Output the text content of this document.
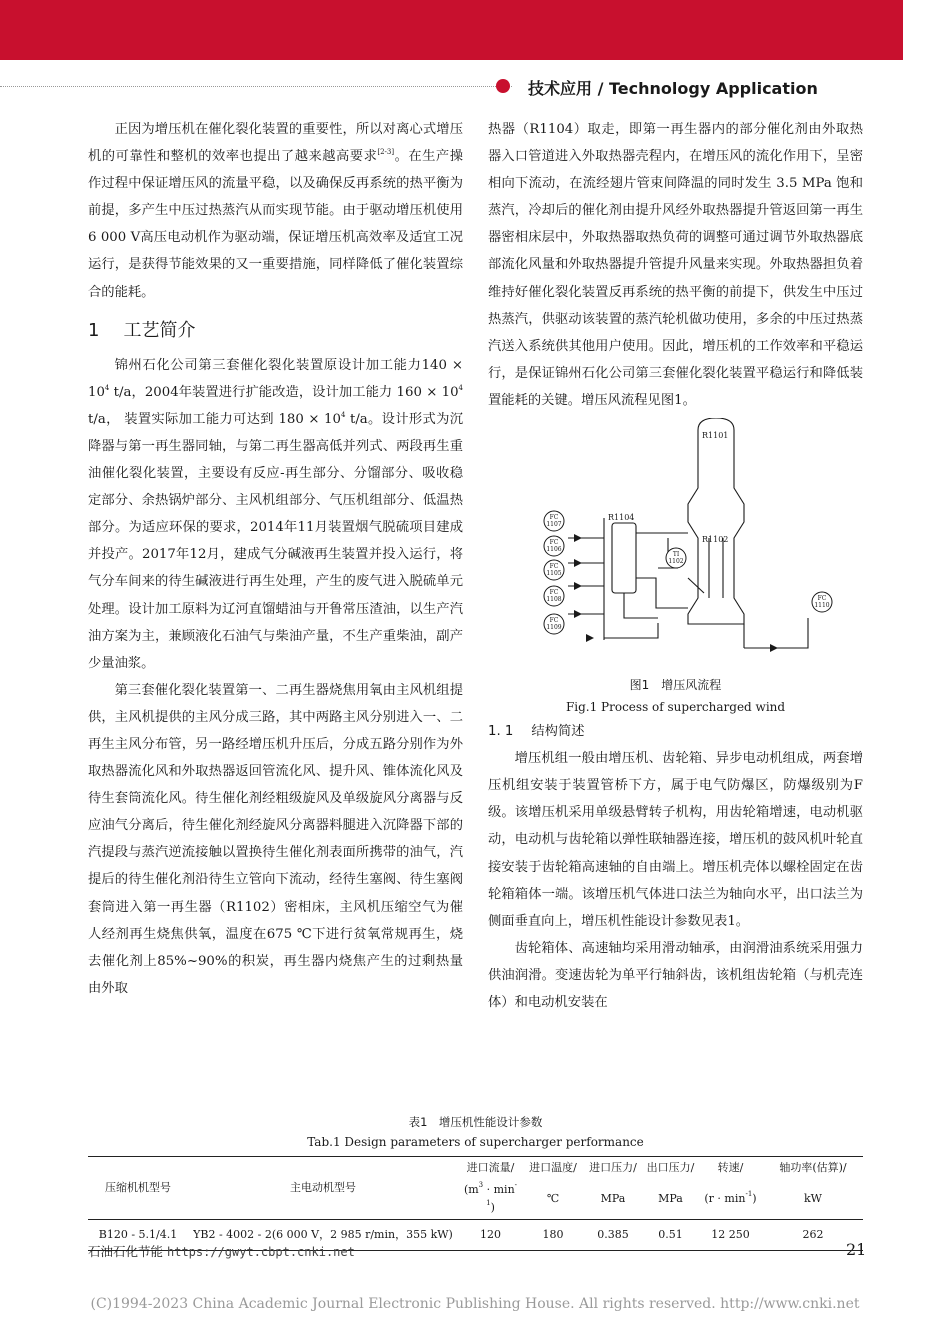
技术应用 / Technology Application

正因为增压机在催化裂化装置的重要性，所以对离心式增压机的可靠性和整机的效率也提出了越来越高要求[2-3]。在生产操作过程中保证增压风的流量平稳，以及确保反再系统的热平衡为前提，多产生中压过热蒸汽从而实现节能。由于驱动增压机使用6 000 V高压电动机作为驱动端，保证增压机高效率及适宜工况运行，是获得节能效果的又一重要措施，同样降低了催化装置综合的能耗。

1 工艺简介

锦州石化公司第三套催化裂化装置原设计加工能力$140 \times 10^4$ t/a，2004年装置进行扩能改造，设计加工能力 $160 \times 10^4$ t/a， 装置实际加工能力可达到 $180 \times 10^4$ t/a。设计形式为沉降器与第一再生器同轴，与第二再生器高低并列式、两段再生重油催化裂化装置，主要设有反应-再生部分、分馏部分、吸收稳定部分、余热锅炉部分、主风机组部分、气压机组部分、低温热部分。为适应环保的要求，2014年11月装置烟气脱硫项目建成并投产。2017年12月，建成气分碱液再生装置并投入运行，将气分车间来的待生碱液进行再生处理，产生的废气进入脱硫单元处理。设计加工原料为辽河直馏蜡油与开鲁常压渣油，以生产汽油方案为主，兼顾液化石油气与柴油产量，不生产重柴油，副产少量油浆。

第三套催化裂化装置第一、二再生器烧焦用氧由主风机组提供，主风机提供的主风分成三路，其中两路主风分别进入一、二再生主风分布管，另一路经增压机升压后，分成五路分别作为外取热器流化风和外取热器返回管流化风、提升风、锥体流化风及待生套筒流化风。待生催化剂经粗级旋风及单级旋风分离器与反应油气分离后，待生催化剂经旋风分离器料腿进入沉降器下部的汽提段与蒸汽逆流接触以置换待生催化剂表面所携带的油气，汽提后的待生催化剂沿待生立管向下流动，经待生塞阀、待生塞阀套筒进入第一再生器（R1102）密相床，主风机压缩空气为催人经剂再生烧焦供氧，温度在675 ℃下进行贫氧常规再生，烧去催化剂上85%~90%的积炭，再生器内烧焦产生的过剩热量由外取

热器（R1104）取走，即第一再生器内的部分催化剂由外取热器入口管道进入外取热器壳程内，在增压风的流化作用下，呈密相向下流动，在流经翅片管束间降温的同时发生 3.5 MPa 饱和蒸汽，冷却后的催化剂由提升风经外取热器提升管返回第一再生器密相床层中，外取热器取热负荷的调整可通过调节外取热器底部流化风量和外取热器提升管提升风量来实现。外取热器担负着维持好催化裂化装置反再系统的热平衡的前提下，供发生中压过热蒸汽，供驱动该装置的蒸汽轮机做功使用，多余的中压过热蒸汽送入系统供其他用户使用。因此，增压机的工作效率和平稳运行，是保证锦州石化公司第三套催化裂化装置平稳运行和降低装置能耗的关键。增压风流程见图1。

R1101
R1104
R1102
FC
1107
FC
1106
FC
1105
FC
1108
FC
1109
TI
1102
FC
1110

图1　增压风流程

Fig.1 Process of supercharged wind

1. 1 结构简述

增压机组一般由增压机、齿轮箱、异步电动机组成，两套增压机组安装于装置管桥下方，属于电气防爆区，防爆级别为F级。该增压机采用单级悬臂转子机构，用齿轮箱增速，电动机驱动，电动机与齿轮箱以弹性联轴器连接，增压机的鼓风机叶轮直接安装于齿轮箱高速轴的自由端上。增压机壳体以螺栓固定在齿轮箱箱体一端。该增压机气体进口法兰为轴向水平，出口法兰为侧面垂直向上，增压机性能设计参数见表1。

齿轮箱体、高速轴均采用滑动轴承，由润滑油系统采用强力供油润滑。变速齿轮为单平行轴斜齿，该机组齿轮箱（与机壳连体）和电动机安装在

表1　增压机性能设计参数
Tab.1 Design parameters of supercharger performance
压缩机机型号	主电动机型号	进口流量/	进口温度/	进口压力/	出口压力/	转速/	轴功率(估算)/
		$(m^3 \cdot \min^{-1})$	℃	MPa	MPa	$(r \cdot \min^{-1})$	kW
B120 - 5.1/4.1	YB2 - 4002 - 2(6 000 V，2 985 r/min，355 kW)	120	180	0.385	0.51	12 250	262
石油石化节能 https://gwyt.cbpt.cnki.net	21
(C)1994-2023 China Academic Journal Electronic Publishing House. All rights reserved. http://www.cnki.net
